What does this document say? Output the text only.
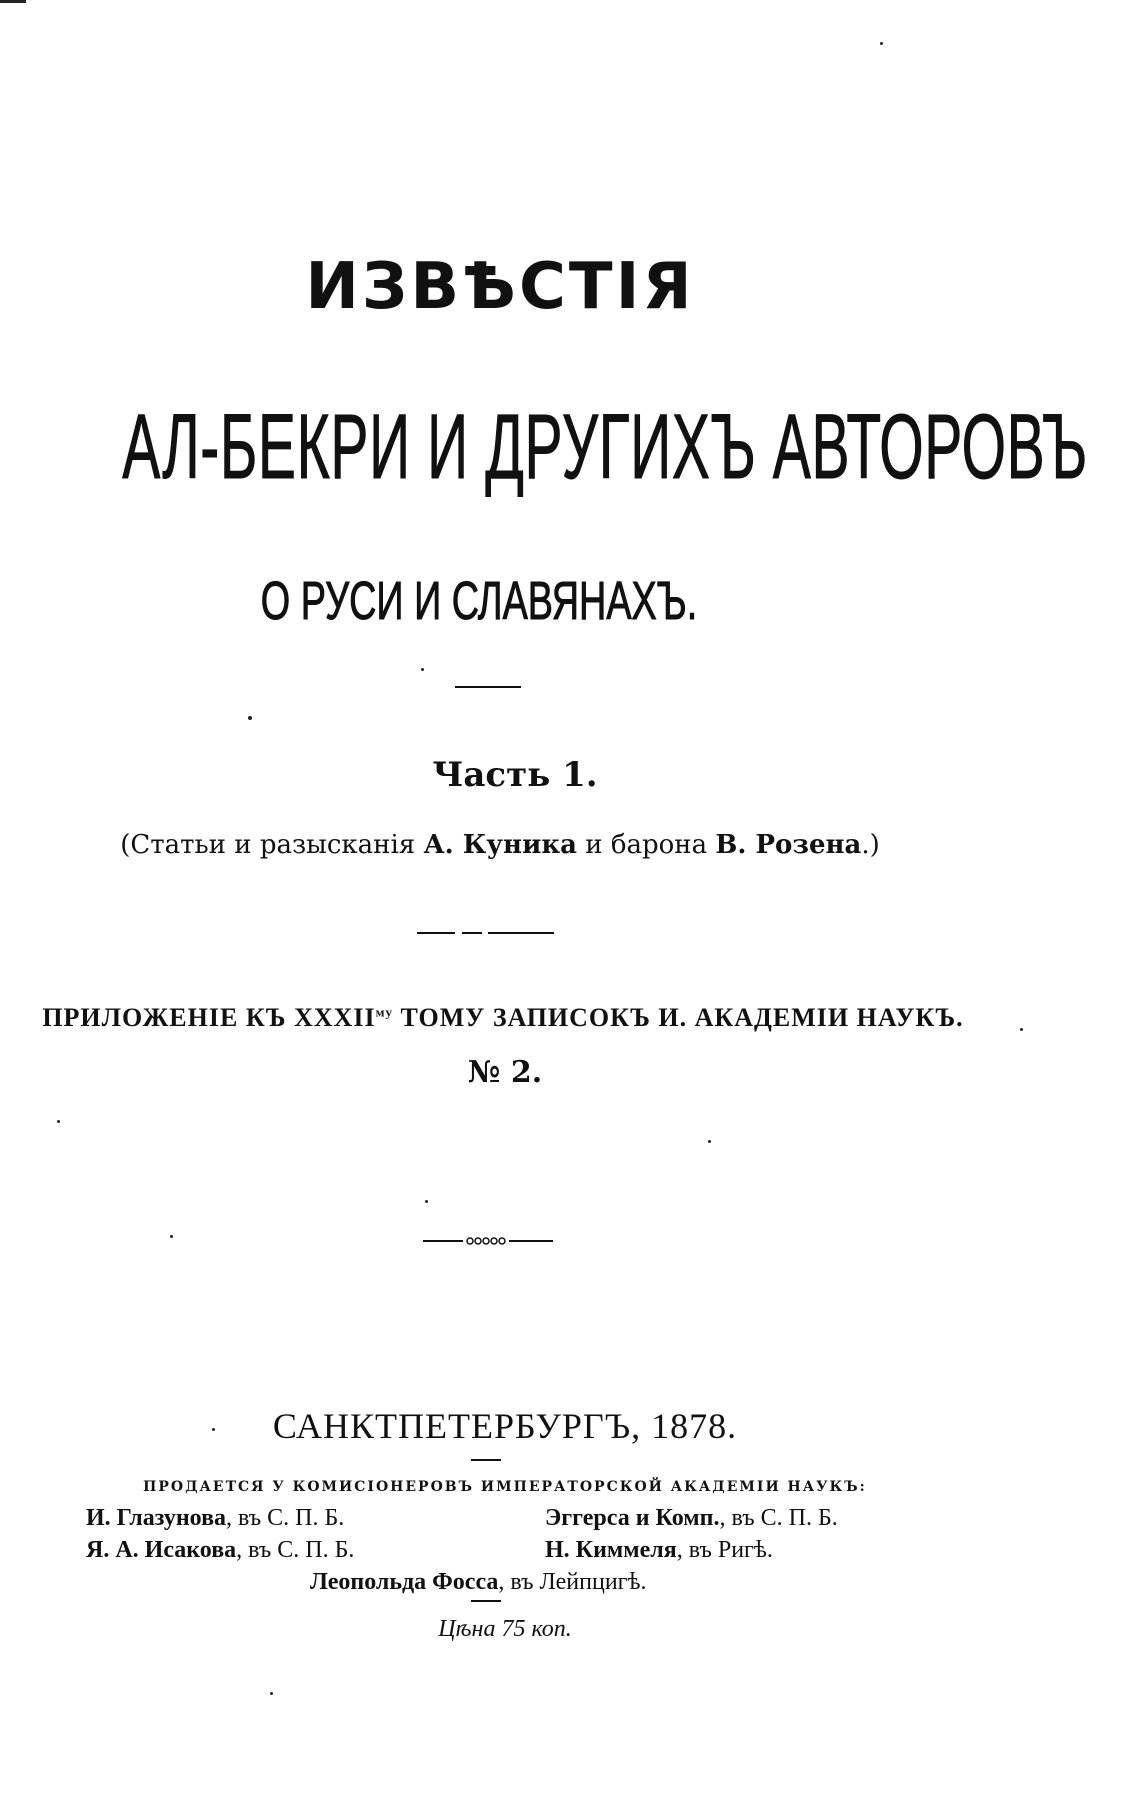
ИЗВѢСТІЯ
АЛ-БЕКРИ И ДРУГИХЪ АВТОРОВЪ
О РУСИ И СЛАВЯНАХЪ.
Часть 1.
(Статьи и разысканія А. Куника и барона В. Розена.)
ПРИЛОЖЕНІЕ КЪ $XXXII^{му}$ ТОМУ ЗАПИСОКЪ И. АКАДЕМІИ НАУКЪ.
№ 2.
САНКТПЕТЕРБУРГЪ, 1878.
ПРОДАЕТСЯ У КОМИСІОНЕРОВЪ ИМПЕРАТОРСКОЙ АКАДЕМІИ НАУКЪ:
И. Глазунова, въ С. П. Б.	Эггерса и Комп., въ С. П. Б.
Я. А. Исакова, въ С. П. Б.	Н. Киммеля, въ Ригѣ.
Леопольда Фосса, въ Лейпцигѣ.
Цѣна 75 коп.
